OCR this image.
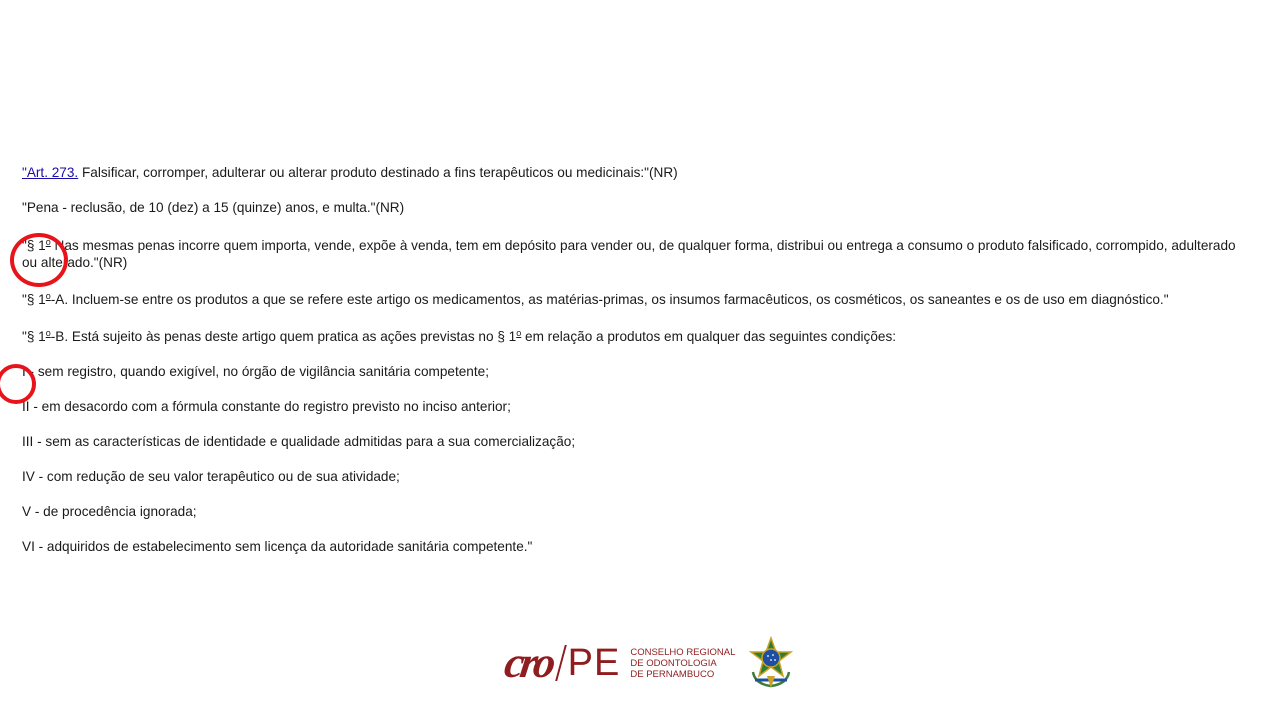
"Art. 273. Falsificar, corromper, adulterar ou alterar produto destinado a fins terapêuticos ou medicinais:"(NR)

"Pena - reclusão, de 10 (dez) a 15 (quinze) anos, e multa."(NR)

"§ 1$^o$ Nas mesmas penas incorre quem importa, vende, expõe à venda, tem em depósito para vender ou, de qualquer forma, distribui ou entrega a consumo o produto falsificado, corrompido, adulterado ou alterado."(NR)

"§ 1$^o$-A. Incluem-se entre os produtos a que se refere este artigo os medicamentos, as matérias-primas, os insumos farmacêuticos, os cosméticos, os saneantes e os de uso em diagnóstico."

"§ 1$^o$-B. Está sujeito às penas deste artigo quem pratica as ações previstas no § 1$^o$ em relação a produtos em qualquer das seguintes condições:

I - sem registro, quando exigível, no órgão de vigilância sanitária competente;

II - em desacordo com a fórmula constante do registro previsto no inciso anterior;

III - sem as características de identidade e qualidade admitidas para a sua comercialização;

IV - com redução de seu valor terapêutico ou de sua atividade;

V - de procedência ignorada;

VI - adquiridos de estabelecimento sem licença da autoridade sanitária competente."

cro PE CONSELHO REGIONAL
DE ODONTOLOGIA
DE PERNAMBUCO
